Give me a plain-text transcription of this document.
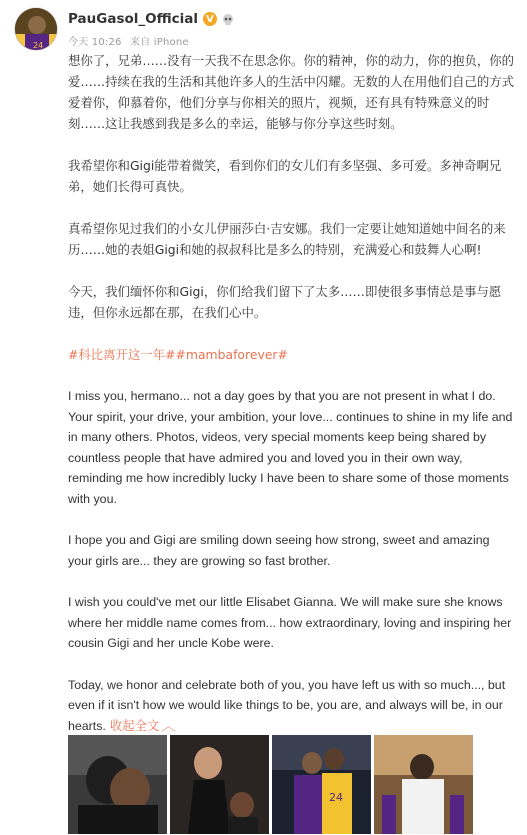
24
PauGasol_Official V
今天 10:26 来自 iPhone

想你了，兄弟……没有一天我不在思念你。你的精神，你的动力，你的抱负，你的爱……持续在我的生活和其他许多人的生活中闪耀。无数的人在用他们自己的方式爱着你，仰慕着你，他们分享与你相关的照片，视频，还有具有特殊意义的时刻……这让我感到我是多么的幸运，能够与你分享这些时刻。

我希望你和Gigi能带着微笑，看到你们的女儿们有多坚强、多可爱。多神奇啊兄弟，她们长得可真快。

真希望你见过我们的小女儿伊丽莎白·吉安娜。我们一定要让她知道她中间名的来历……她的表姐Gigi和她的叔叔科比是多么的特别，充满爱心和鼓舞人心啊!

今天，我们缅怀你和Gigi，你们给我们留下了太多……即使很多事情总是事与愿违，但你永远都在那，在我们心中。

#科比离开这一年##mambaforever#

I miss you, hermano... not a day goes by that you are not present in what I do. Your spirit, your drive, your ambition, your love... continues to shine in my life and in many others. Photos, videos, very special moments keep being shared by countless people that have admired you and loved you in their own way, reminding me how incredibly lucky I have been to share some of those moments with you.

I hope you and Gigi are smiling down seeing how strong, sweet and amazing your girls are... they are growing so fast brother.

I wish you could've met our little Elisabet Gianna. We will make sure she knows where her middle name comes from... how extraordinary, loving and inspiring her cousin Gigi and her uncle Kobe were.

Today, we honor and celebrate both of you, you have left us with so much..., but even if it isn't how we would like things to be, you are, and always will be, in our hearts. 收起全文 ︿

24
